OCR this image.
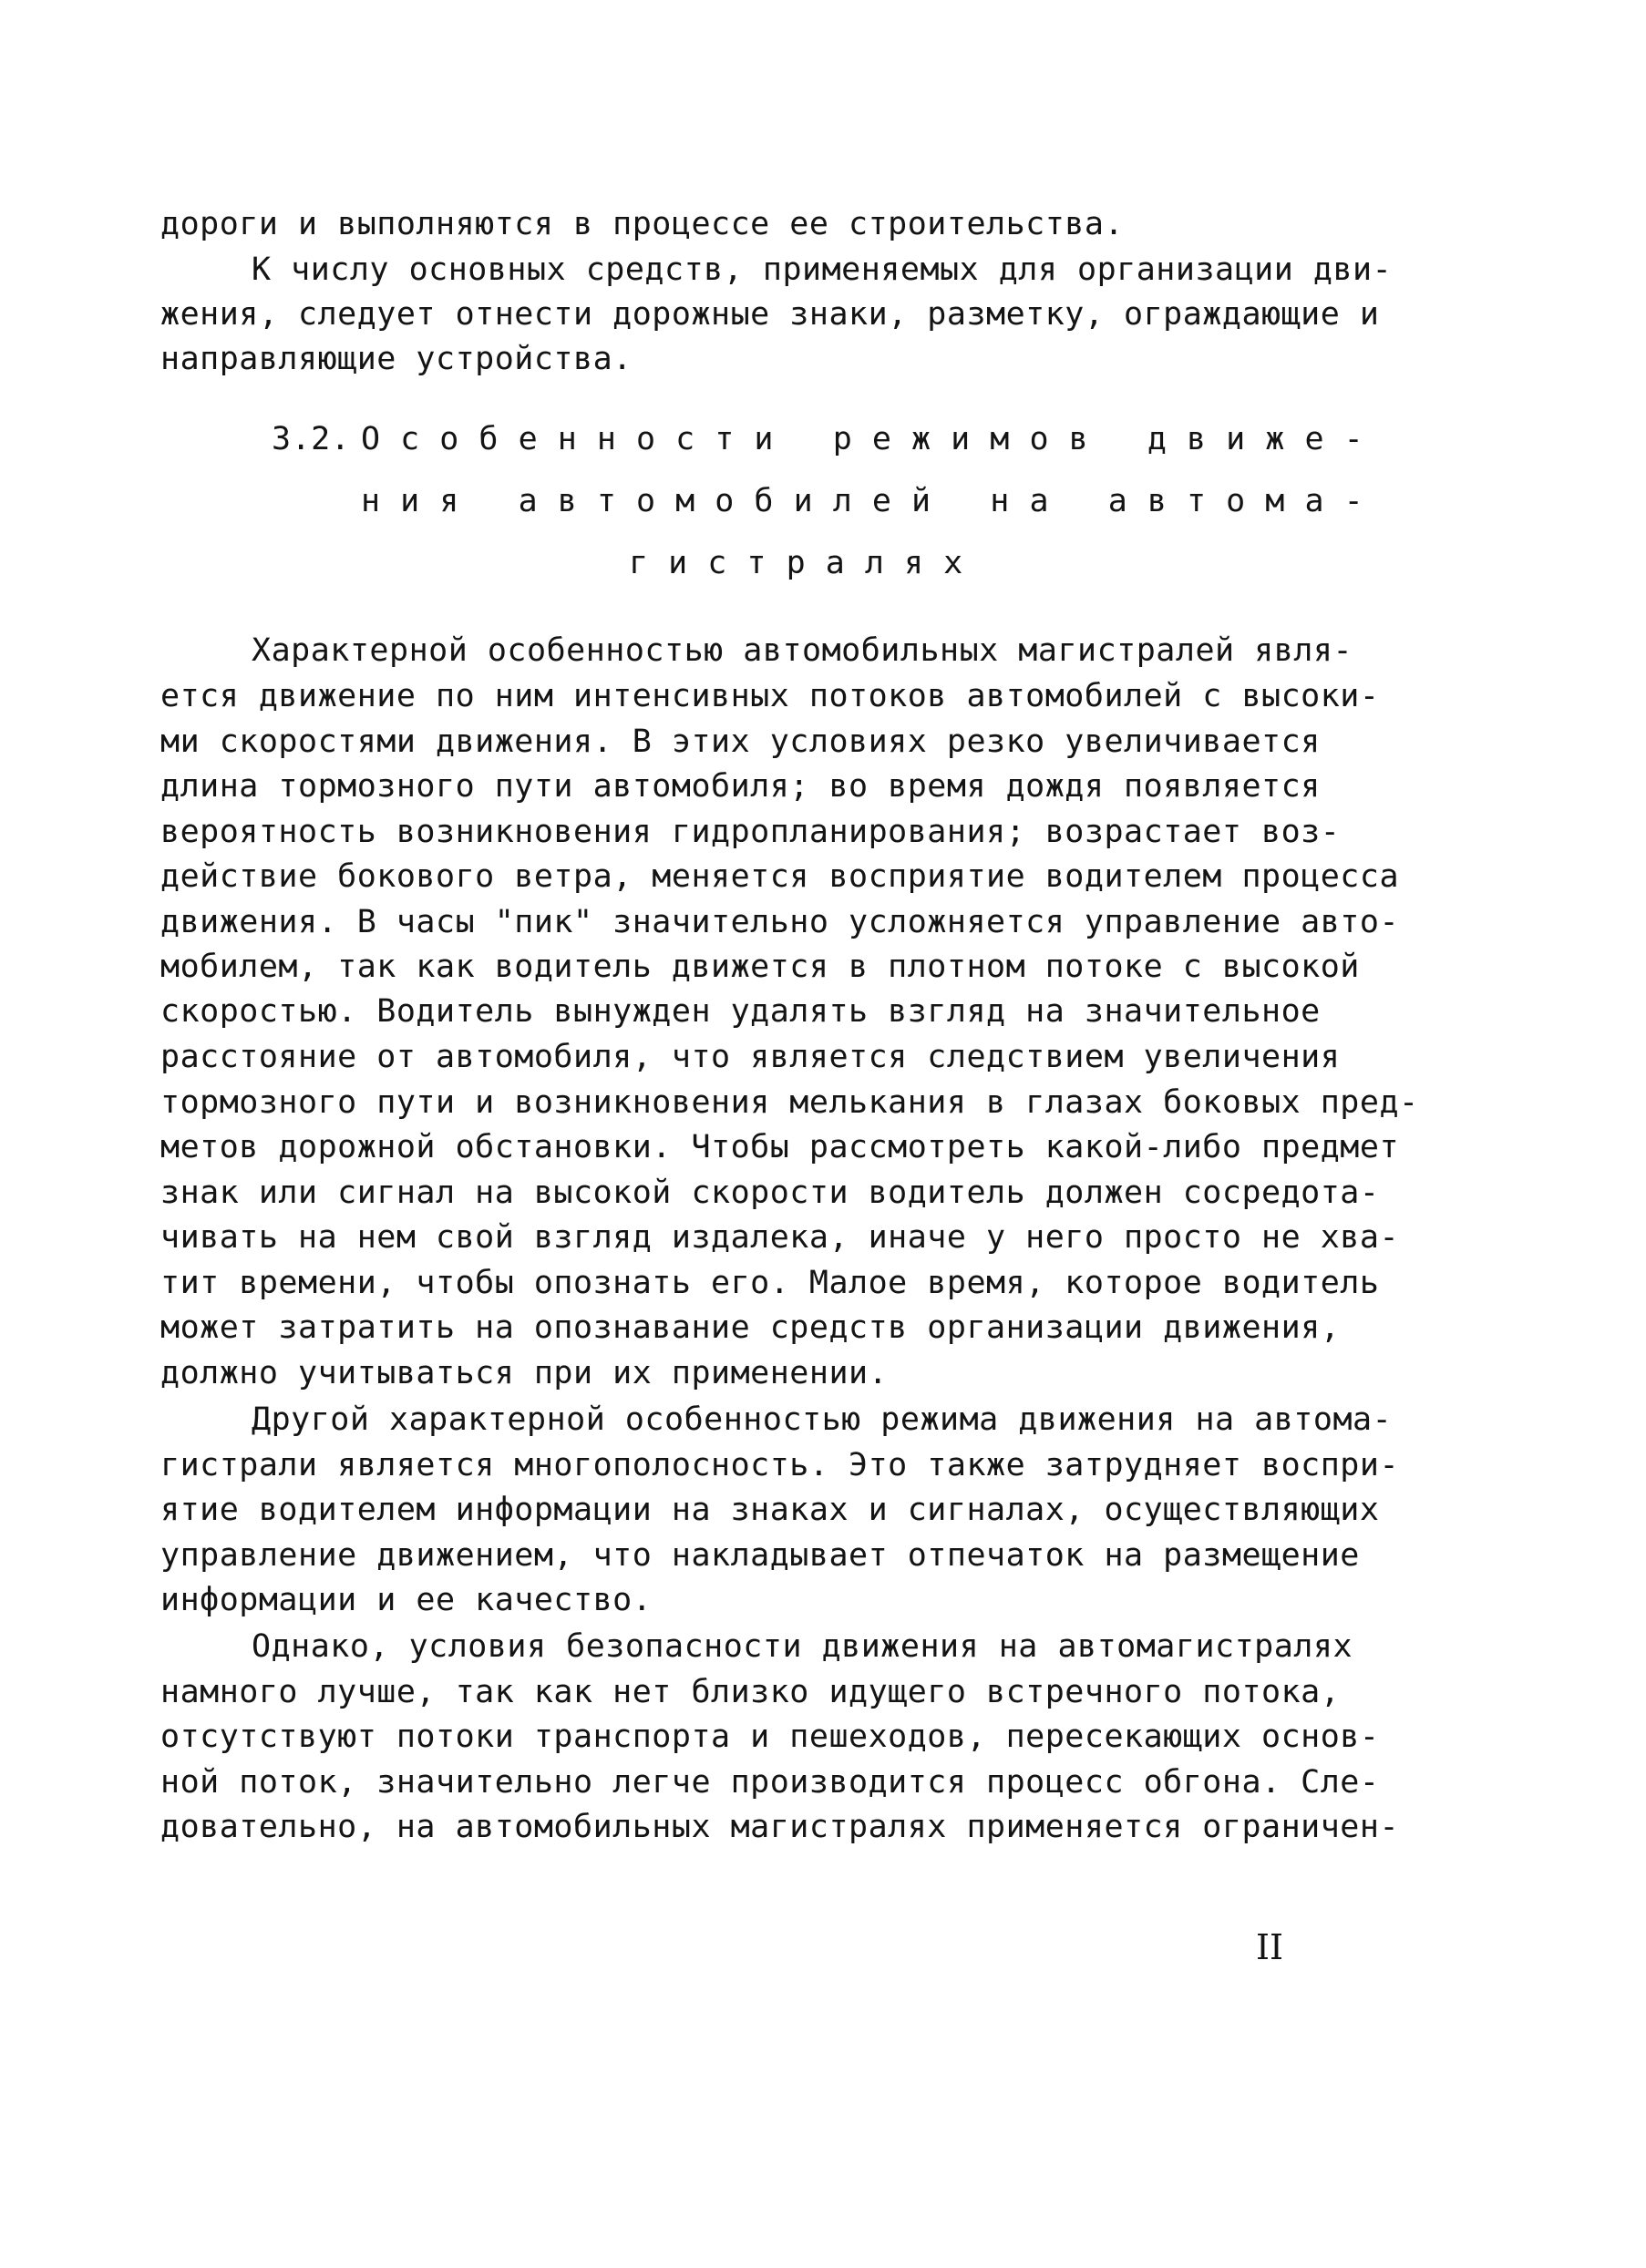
дороги и выполняются в процессе ее строительства.
К числу основных средств, применяемых для организации дви-
жения, следует отнести дорожные знаки, разметку, ограждающие и
направляющие устройства.
3.2. О с о б е н н о с т и   р е ж и м о в   д в и ж е -
н и я   а в т о м о б и л е й   н а   а в т о м а -
г и с т р а л я х
Характерной особенностью автомобильных магистралей явля-
ется движение по ним интенсивных потоков автомобилей с высоки-
ми скоростями движения. В этих условиях резко увеличивается
длина тормозного пути автомобиля; во время дождя появляется
вероятность возникновения гидропланирования; возрастает воз-
действие бокового ветра, меняется восприятие водителем процесса
движения. В часы "пик" значительно усложняется управление авто-
мобилем, так как водитель движется в плотном потоке с высокой
скоростью. Водитель вынужден удалять взгляд на значительное
расстояние от автомобиля, что является следствием увеличения
тормозного пути и возникновения мелькания в глазах боковых пред-
метов дорожной обстановки. Чтобы рассмотреть какой-либо предмет
знак или сигнал на высокой скорости водитель должен сосредота-
чивать на нем свой взгляд издалека, иначе у него просто не хва-
тит времени, чтобы опознать его. Малое время, которое водитель
может затратить на опознавание средств организации движения,
должно учитываться при их применении.
Другой характерной особенностью режима движения на автома-
гистрали является многополосность. Это также затрудняет воспри-
ятие водителем информации на знаках и сигналах, осуществляющих
управление движением, что накладывает отпечаток на размещение
информации и ее качество.
Однако, условия безопасности движения на автомагистралях
намного лучше, так как нет близко идущего встречного потока,
отсутствуют потоки транспорта и пешеходов, пересекающих основ-
ной поток, значительно легче производится процесс обгона. Сле-
довательно, на автомобильных магистралях применяется ограничен-
II
